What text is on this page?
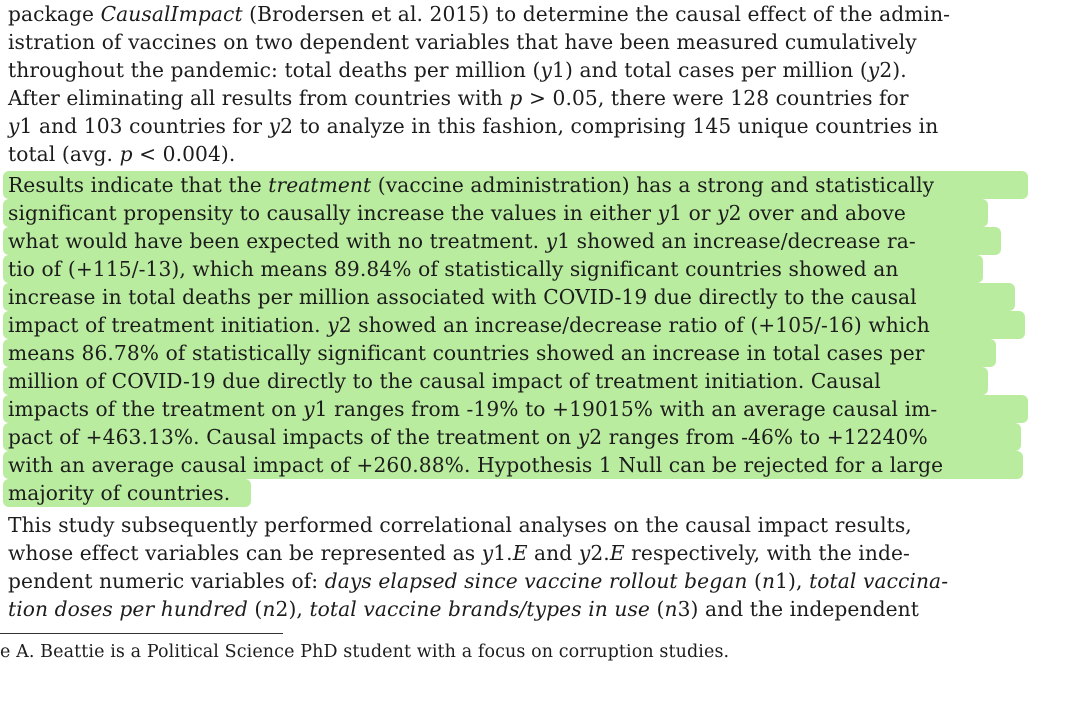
package CausalImpact (Brodersen et al. 2015) to determine the causal effect of the admin-
istration of vaccines on two dependent variables that have been measured cumulatively
throughout the pandemic: total deaths per million (y1) and total cases per million (y2).
After eliminating all results from countries with p > 0.05, there were 128 countries for
y1 and 103 countries for y2 to analyze in this fashion, comprising 145 unique countries in
total (avg. p < 0.004).
Results indicate that the treatment (vaccine administration) has a strong and statistically
significant propensity to causally increase the values in either y1 or y2 over and above
what would have been expected with no treatment. y1 showed an increase/decrease ra-
tio of (+115/-13), which means 89.84% of statistically significant countries showed an
increase in total deaths per million associated with COVID-19 due directly to the causal
impact of treatment initiation. y2 showed an increase/decrease ratio of (+105/-16) which
means 86.78% of statistically significant countries showed an increase in total cases per
million of COVID-19 due directly to the causal impact of treatment initiation. Causal
impacts of the treatment on y1 ranges from -19% to +19015% with an average causal im-
pact of +463.13%. Causal impacts of the treatment on y2 ranges from -46% to +12240%
with an average causal impact of +260.88%. Hypothesis 1 Null can be rejected for a large
majority of countries.
This study subsequently performed correlational analyses on the causal impact results,
whose effect variables can be represented as y1.E and y2.E respectively, with the inde-
pendent numeric variables of: days elapsed since vaccine rollout began (n1), total vaccina-
tion doses per hundred (n2), total vaccine brands/types in use (n3) and the independent
e A. Beattie is a Political Science PhD student with a focus on corruption studies.
